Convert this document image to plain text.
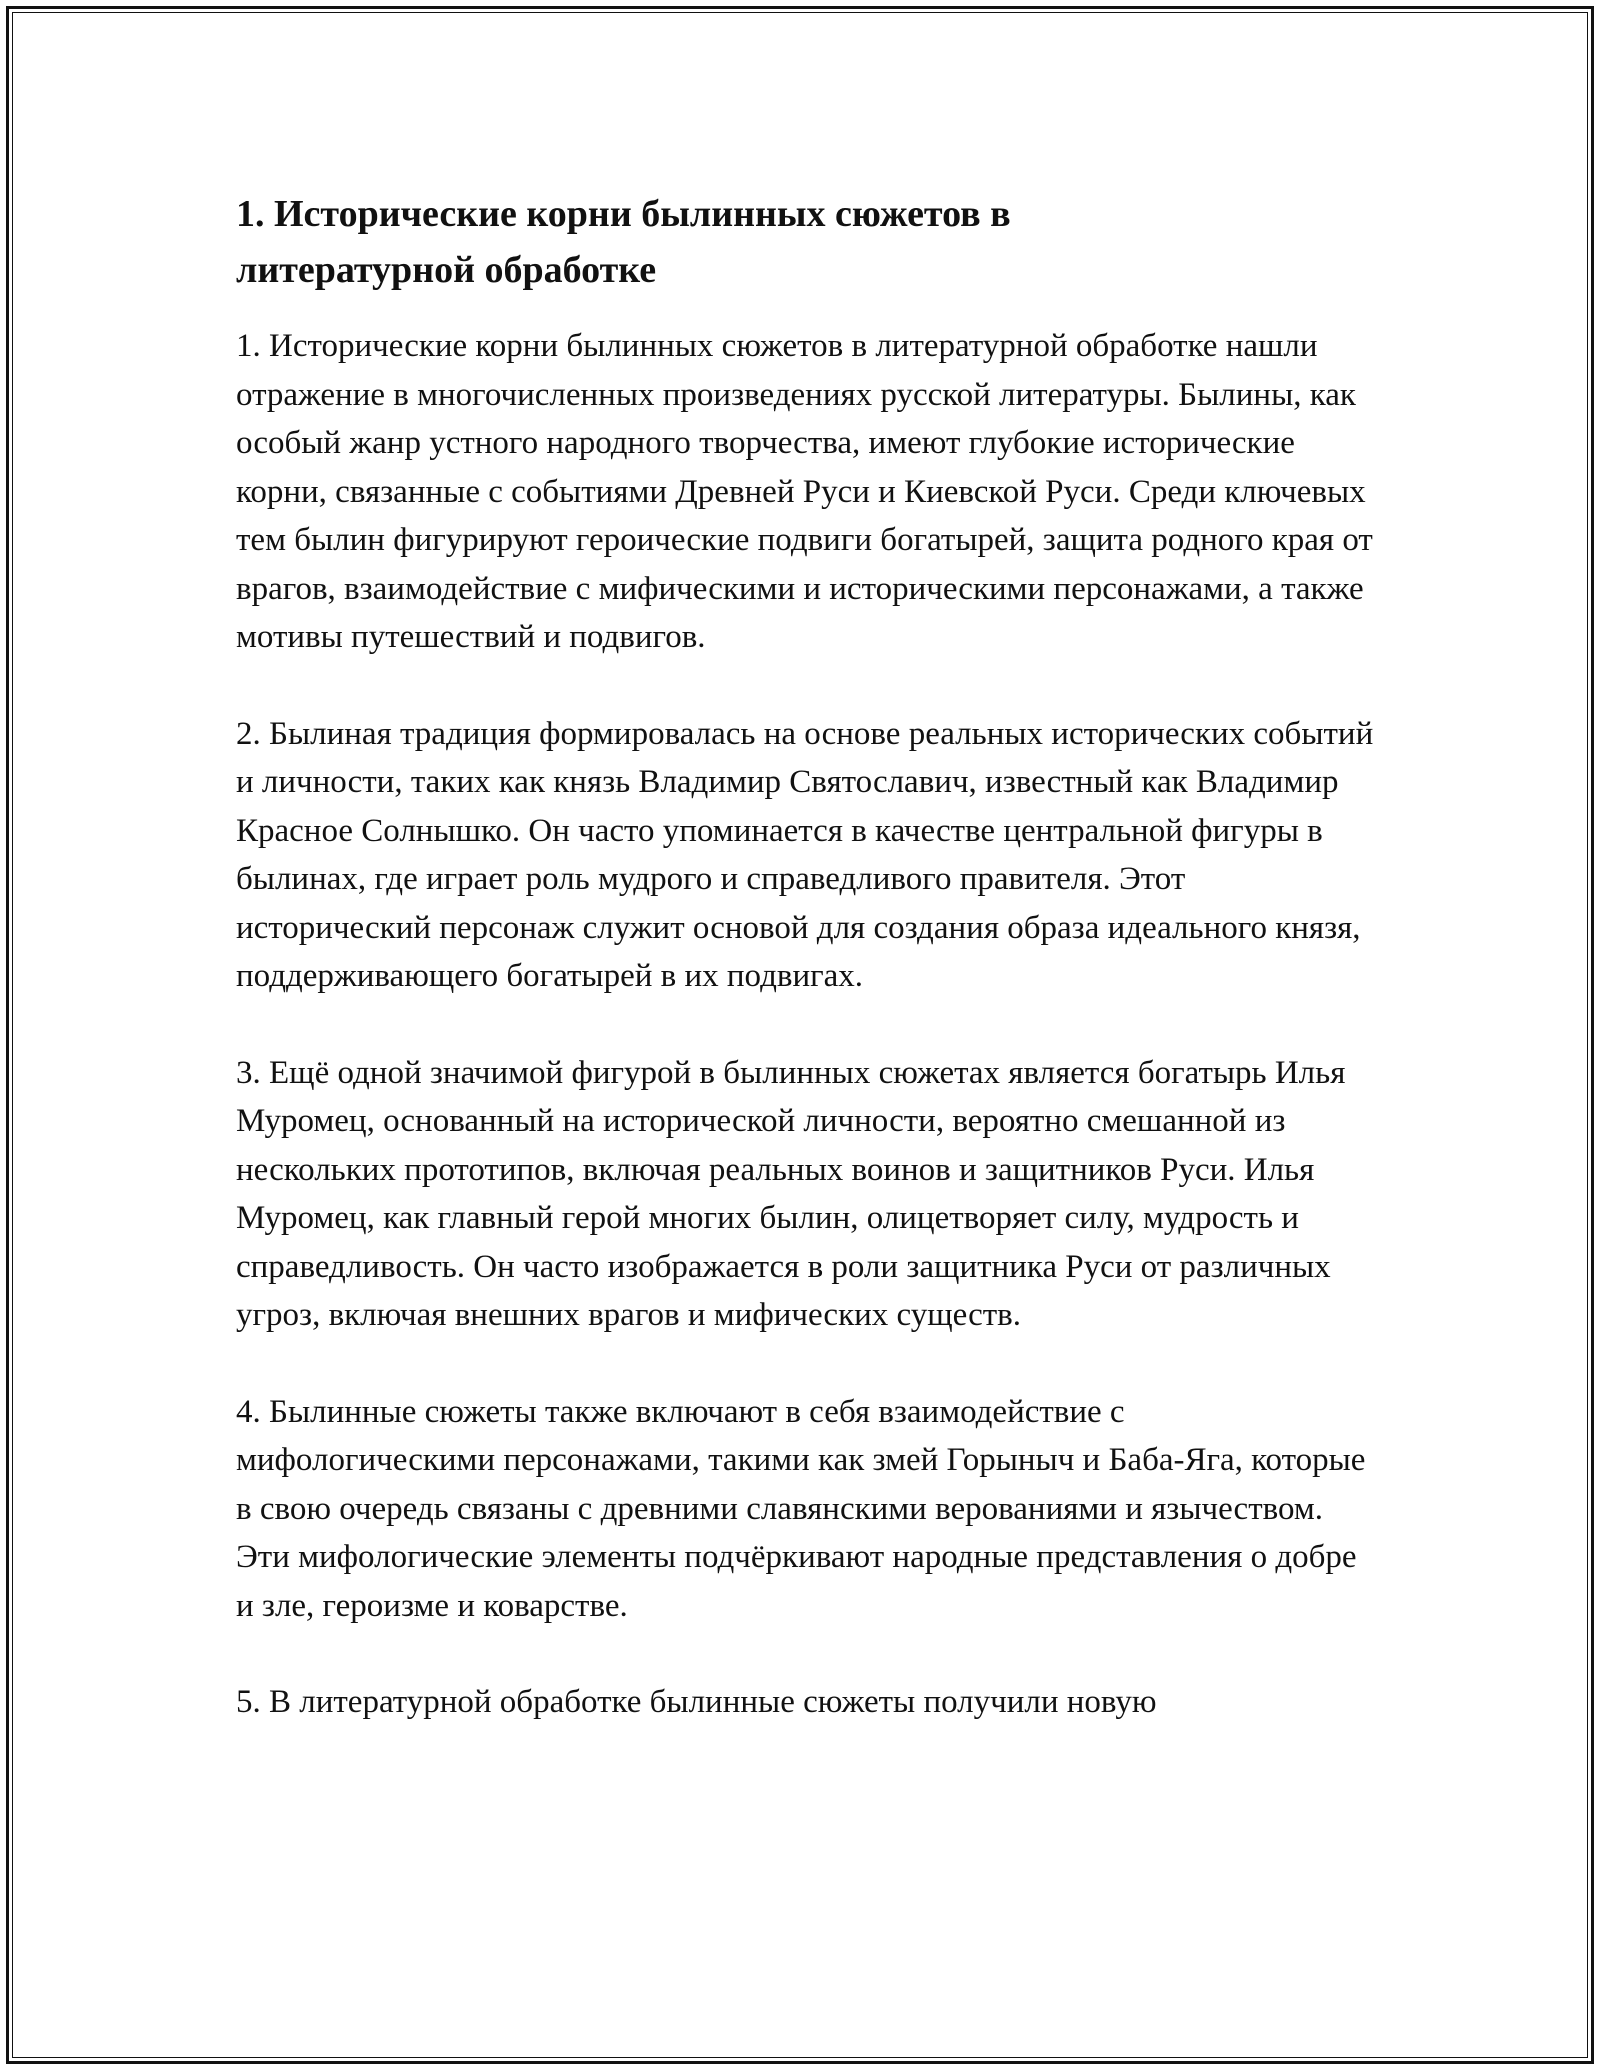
1. Исторические корни былинных сюжетов в литературной обработке

1. Исторические корни былинных сюжетов в литературной обработке нашли отражение в многочисленных произведениях русской литературы. Былины, как особый жанр устного народного творчества, имеют глубокие исторические корни, связанные с событиями Древней Руси и Киевской Руси. Среди ключевых тем былин фигурируют героические подвиги богатырей, защита родного края от врагов, взаимодействие с мифическими и историческими персонажами, а также мотивы путешествий и подвигов.

2. Былиная традиция формировалась на основе реальных исторических событий и личности, таких как князь Владимир Святославич, известный как Владимир Красное Солнышко. Он часто упоминается в качестве центральной фигуры в былинах, где играет роль мудрого и справедливого правителя. Этот исторический персонаж служит основой для создания образа идеального князя, поддерживающего богатырей в их подвигах.

3. Ещё одной значимой фигурой в былинных сюжетах является богатырь Илья Муромец, основанный на исторической личности, вероятно смешанной из нескольких прототипов, включая реальных воинов и защитников Руси. Илья Муромец, как главный герой многих былин, олицетворяет силу, мудрость и справедливость. Он часто изображается в роли защитника Руси от различных угроз, включая внешних врагов и мифических существ.

4. Былинные сюжеты также включают в себя взаимодействие с мифологическими персонажами, такими как змей Горыныч и Баба-Яга, которые в свою очередь связаны с древними славянскими верованиями и язычеством. Эти мифологические элементы подчёркивают народные представления о добре и зле, героизме и коварстве.

5. В литературной обработке былинные сюжеты получили новую
